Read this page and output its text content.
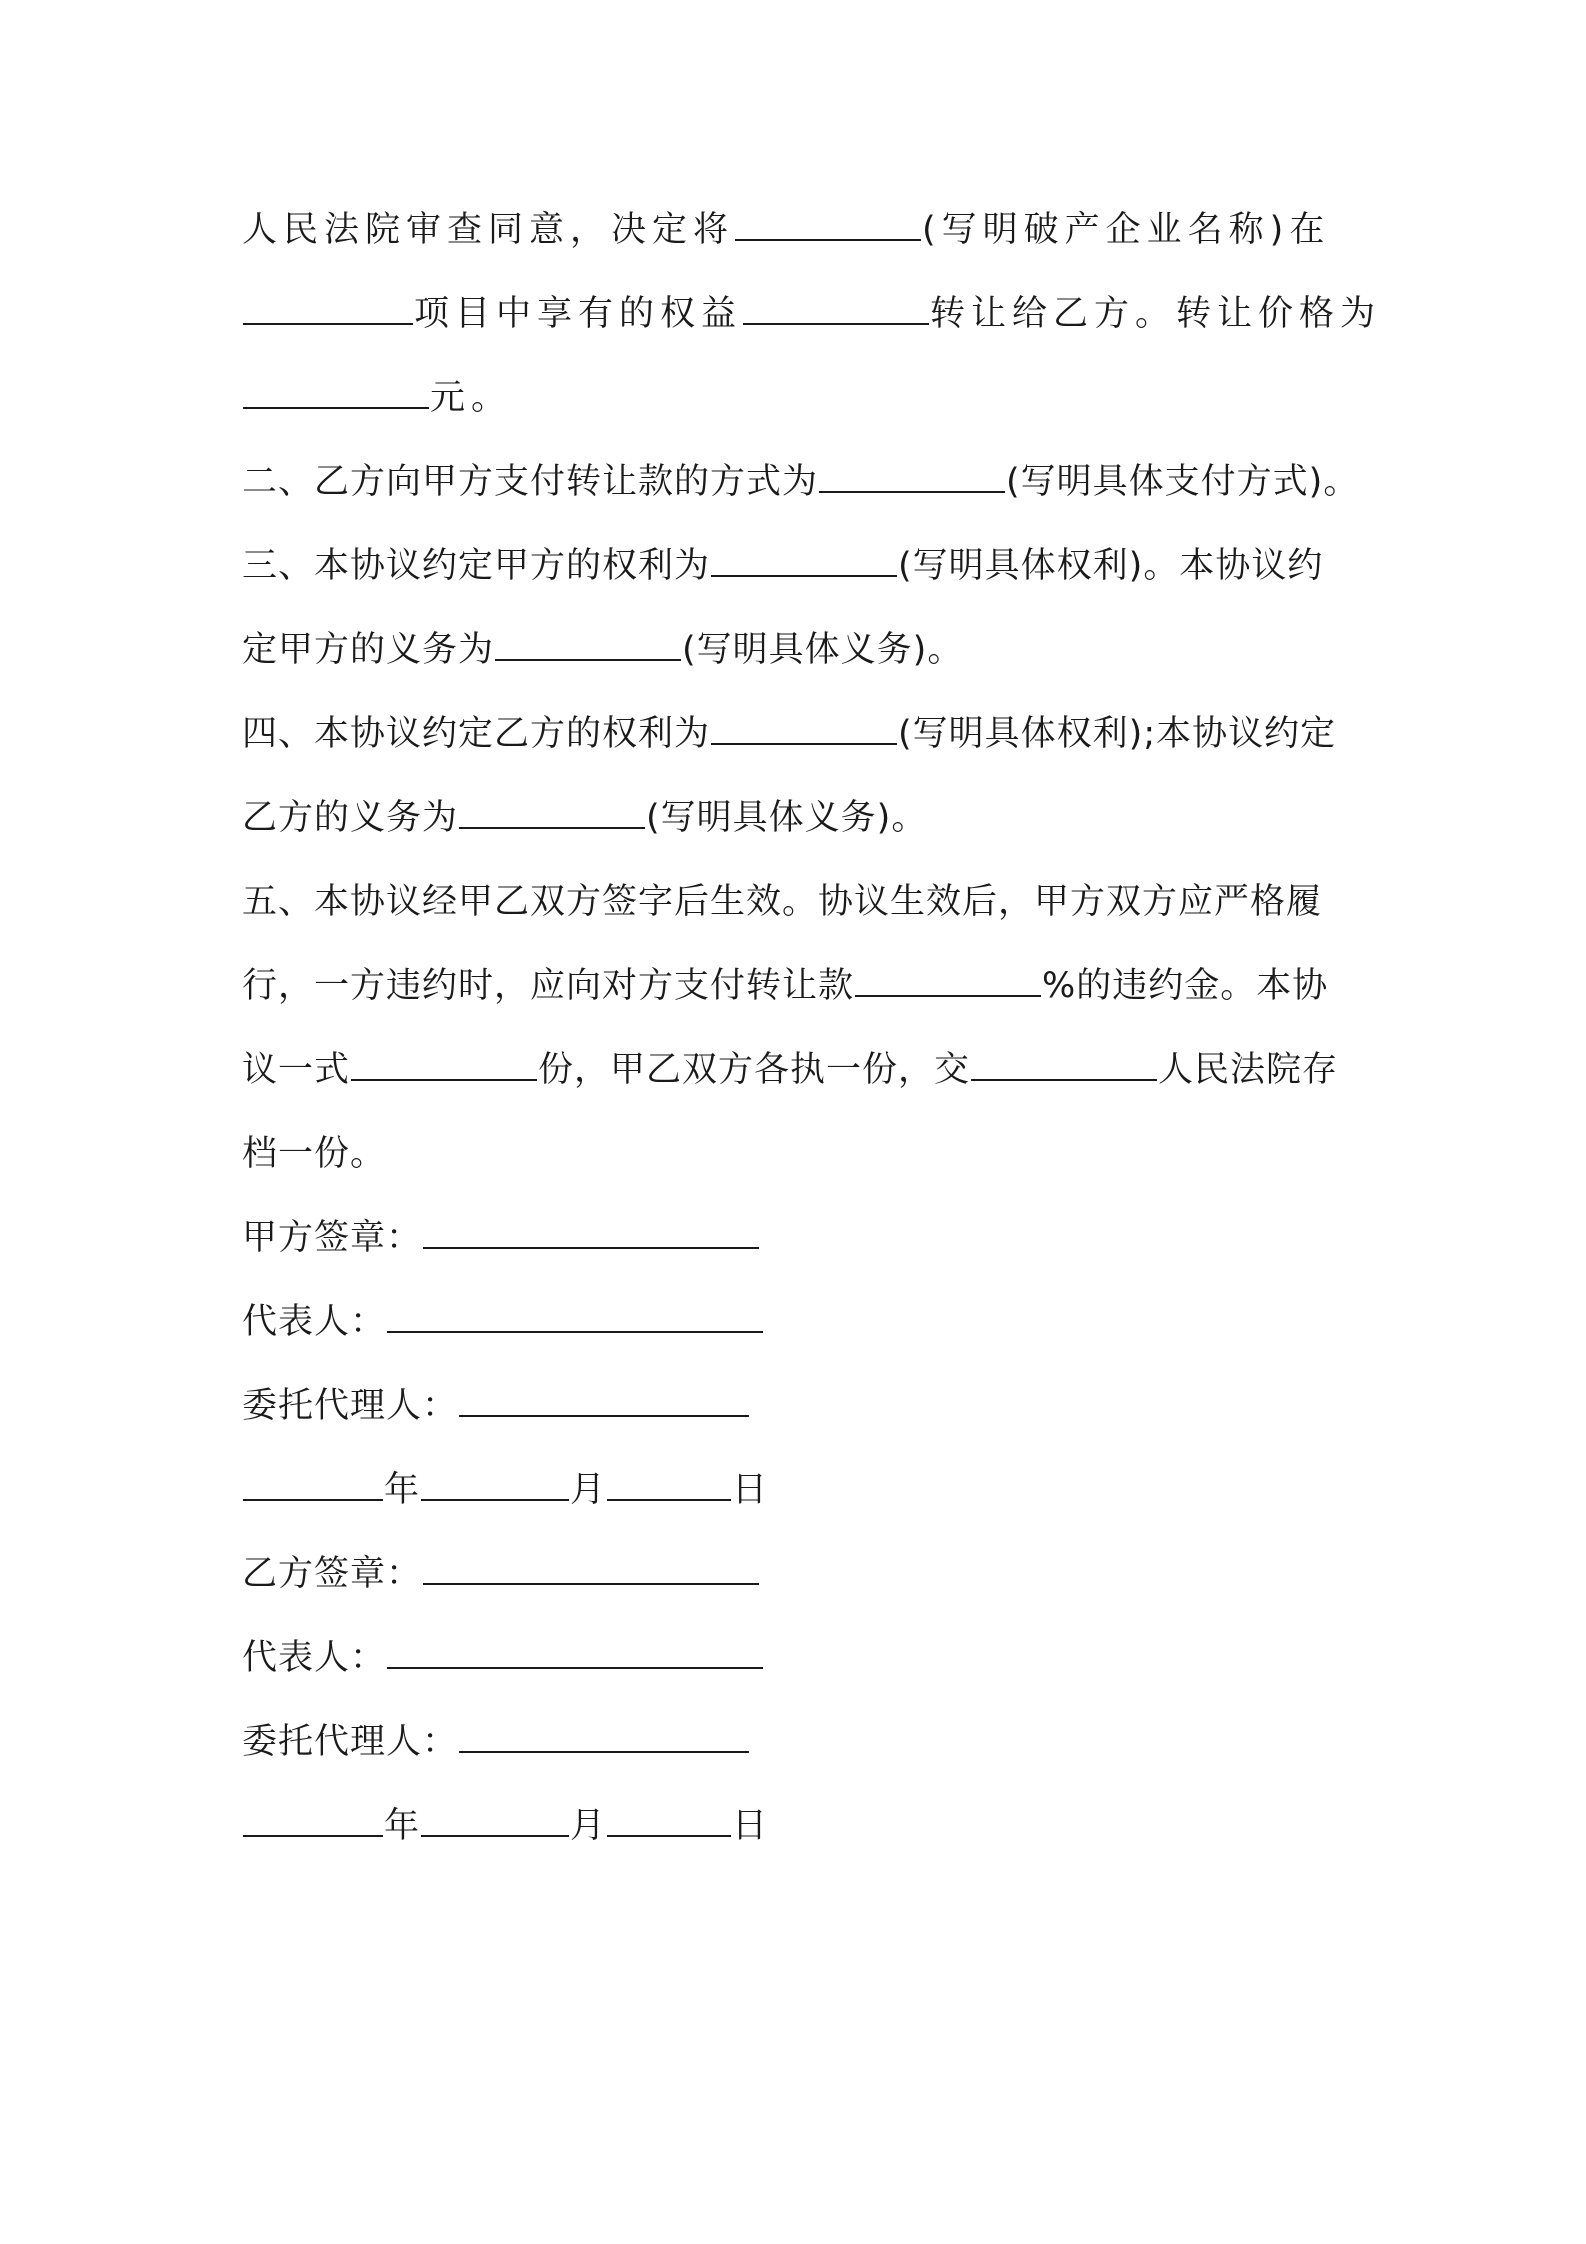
人民法院审查同意，决定将	(写明破产企业名称)在
项目中享有的权益	转让给乙方。转让价格为
元。
二、乙方向甲方支付转让款的方式为	(写明具体支付方式)。
三、本协议约定甲方的权利为	(写明具体权利)。本协议约
定甲方的义务为	(写明具体义务)。
四、本协议约定乙方的权利为	(写明具体权利);本协议约定
乙方的义务为	(写明具体义务)。
五、本协议经甲乙双方签字后生效。协议生效后，甲方双方应严格履
行，一方违约时，应向对方支付转让款	%的违约金。本协
议一式	份，甲乙双方各执一份，交	人民法院存
档一份。
甲方签章：
代表人：
委托代理人：
年	月	日
乙方签章：
代表人：
委托代理人：
年	月	日
